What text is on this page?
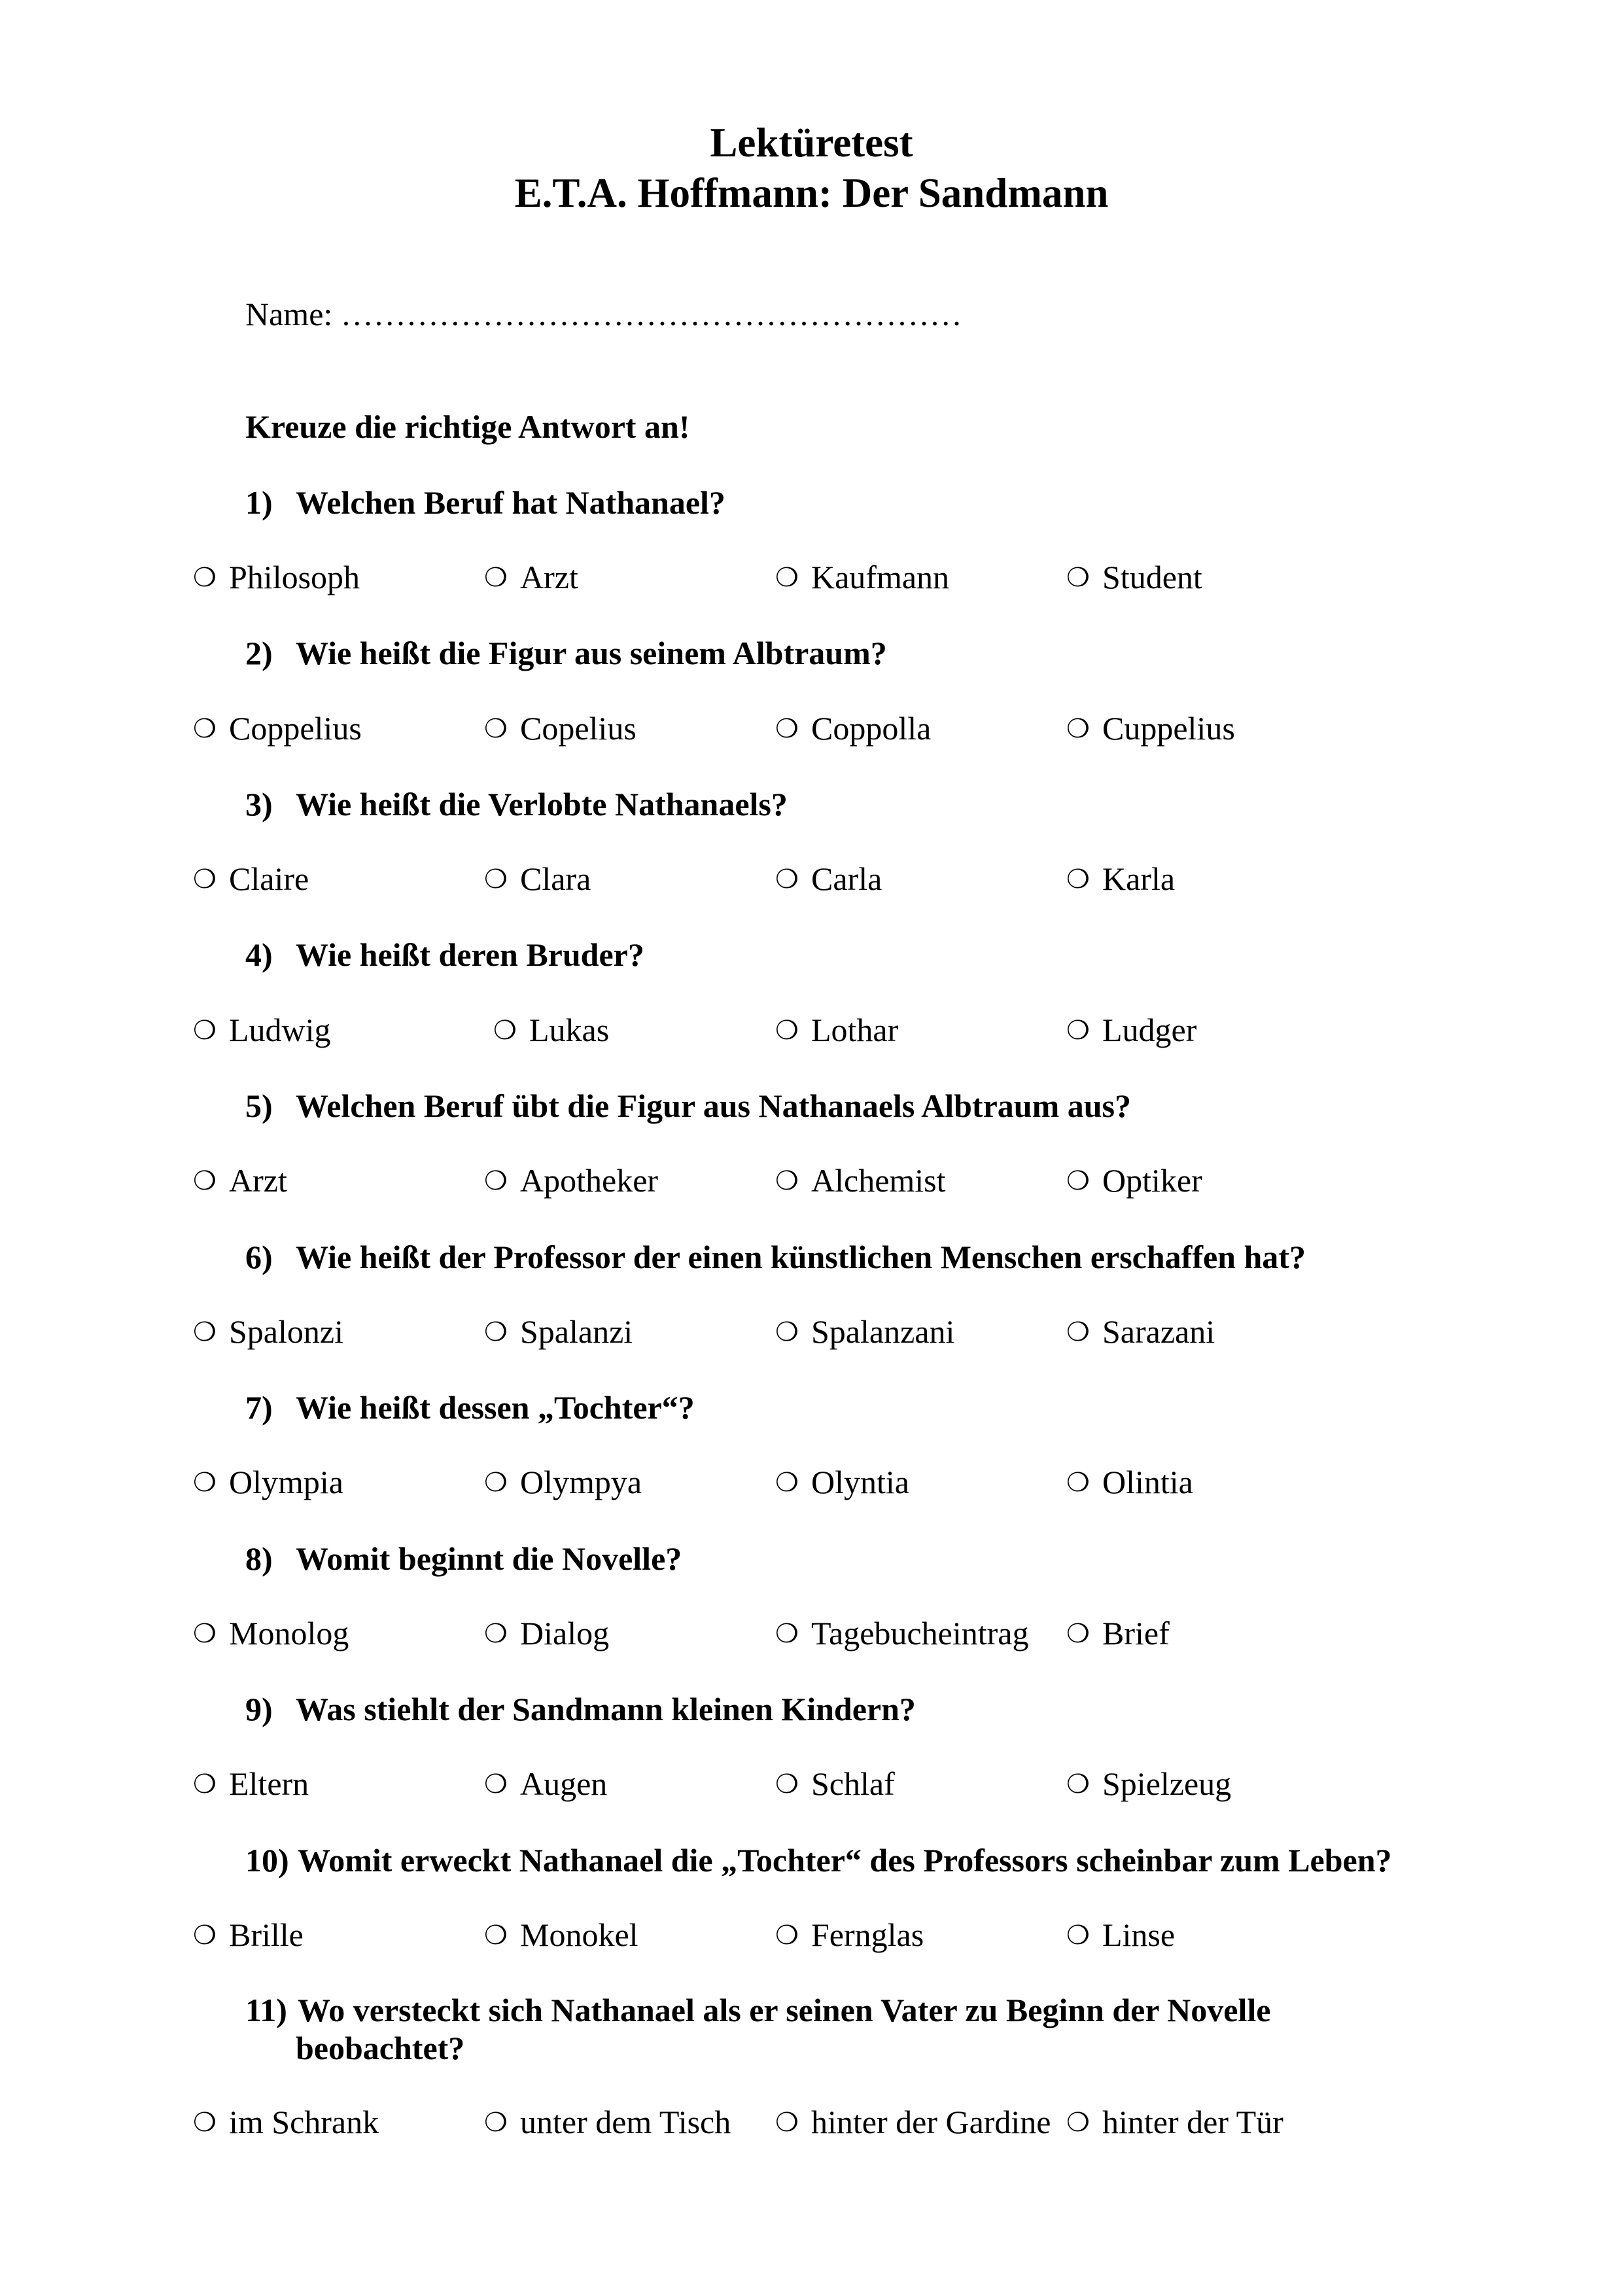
Lektüretest
E.T.A. Hoffmann: Der Sandmann
Name: …………………………………………………
Kreuze die richtige Antwort an!
1) Welchen Beruf hat Nathanael?
❍ Philosoph	❍ Arzt	❍ Kaufmann	❍ Student
2) Wie heißt die Figur aus seinem Albtraum?
❍ Coppelius	❍ Copelius	❍ Coppolla	❍ Cuppelius
3) Wie heißt die Verlobte Nathanaels?
❍ Claire	❍ Clara	❍ Carla	❍ Karla
4) Wie heißt deren Bruder?
❍ Ludwig	❍ Lukas	❍ Lothar	❍ Ludger
5) Welchen Beruf übt die Figur aus Nathanaels Albtraum aus?
❍ Arzt	❍ Apotheker	❍ Alchemist	❍ Optiker
6) Wie heißt der Professor der einen künstlichen Menschen erschaffen hat?
❍ Spalonzi	❍ Spalanzi	❍ Spalanzani	❍ Sarazani
7) Wie heißt dessen „Tochter“?
❍ Olympia	❍ Olympya	❍ Olyntia	❍ Olintia
8) Womit beginnt die Novelle?
❍ Monolog	❍ Dialog	❍ Tagebucheintrag ❍ Brief
9) Was stiehlt der Sandmann kleinen Kindern?
❍ Eltern	❍ Augen	❍ Schlaf	❍ Spielzeug
10) Womit erweckt Nathanael die „Tochter“ des Professors scheinbar zum Leben?
❍ Brille	❍ Monokel	❍ Fernglas	❍ Linse
11) Wo versteckt sich Nathanael als er seinen Vater zu Beginn der Novelle
beobachtet?
❍ im Schrank	❍ unter dem Tisch ❍ hinter der Gardine ❍ hinter der Tür
